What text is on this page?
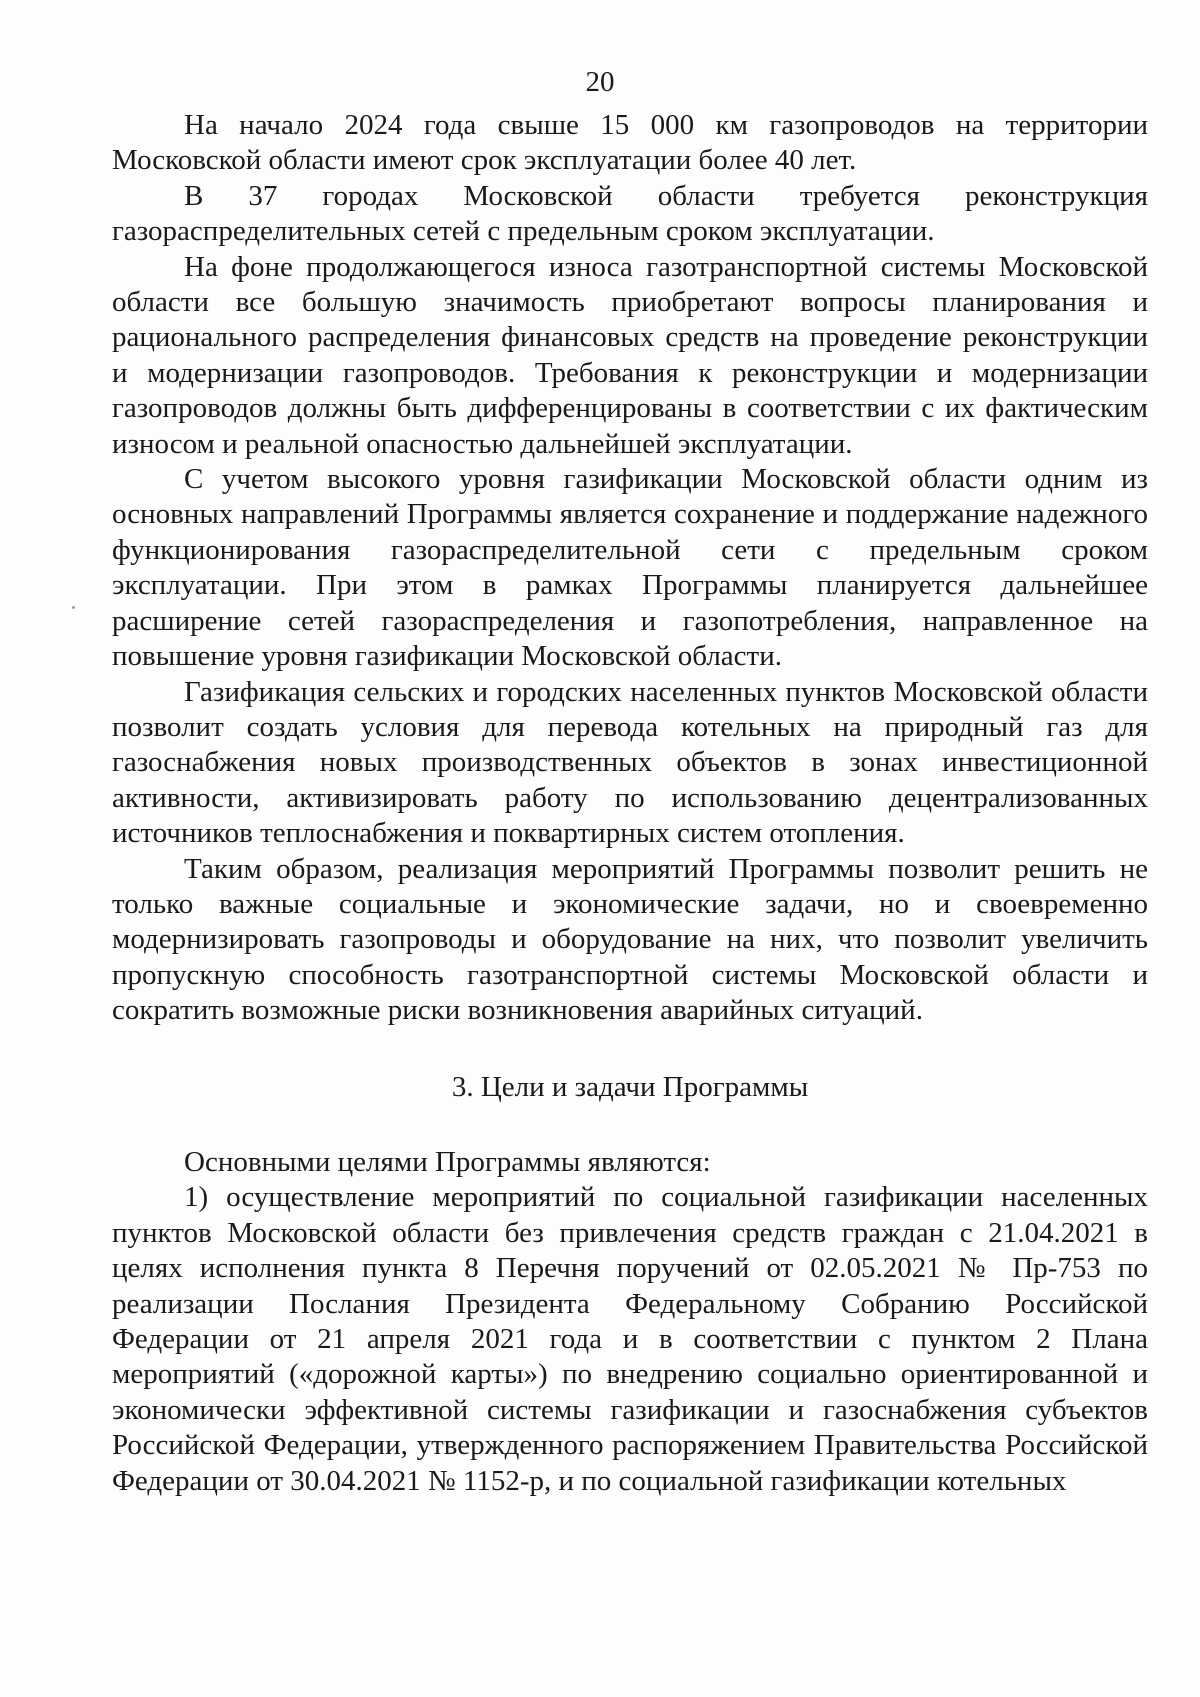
20

На начало 2024 года свыше 15 000 км газопроводов на территории Московской области имеют срок эксплуатации более 40 лет.

В 37 городах Московской области требуется реконструкция газораспределительных сетей с предельным сроком эксплуатации.

На фоне продолжающегося износа газотранспортной системы Московской области все большую значимость приобретают вопросы планирования и рационального распределения финансовых средств на проведение реконструкции и модернизации газопроводов. Требования к реконструкции и модернизации газопроводов должны быть дифференцированы в соответствии с их фактическим износом и реальной опасностью дальнейшей эксплуатации.

С учетом высокого уровня газификации Московской области одним из основных направлений Программы является сохранение и поддержание надежного функционирования газораспределительной сети с предельным сроком эксплуатации. При этом в рамках Программы планируется дальнейшее расширение сетей газораспределения и газопотребления, направленное на повышение уровня газификации Московской области.

Газификация сельских и городских населенных пунктов Московской области позволит создать условия для перевода котельных на природный газ для газоснабжения новых производственных объектов в зонах инвестиционной активности, активизировать работу по использованию децентрализованных источников теплоснабжения и поквартирных систем отопления.

Таким образом, реализация мероприятий Программы позволит решить не только важные социальные и экономические задачи, но и своевременно модернизировать газопроводы и оборудование на них, что позволит увеличить пропускную способность газотранспортной системы Московской области и сократить возможные риски возникновения аварийных ситуаций.

3. Цели и задачи Программы

Основными целями Программы являются:

1) осуществление мероприятий по социальной газификации населенных пунктов Московской области без привлечения средств граждан с 21.04.2021 в целях исполнения пункта 8 Перечня поручений от 02.05.2021 № Пр-753 по реализации Послания Президента Федеральному Собранию Российской Федерации от 21 апреля 2021 года и в соответствии с пунктом 2 Плана мероприятий («дорожной карты») по внедрению социально ориентированной и экономически эффективной системы газификации и газоснабжения субъектов Российской Федерации, утвержденного распоряжением Правительства Российской Федерации от 30.04.2021 № 1152-р, и по социальной газификации котельных
